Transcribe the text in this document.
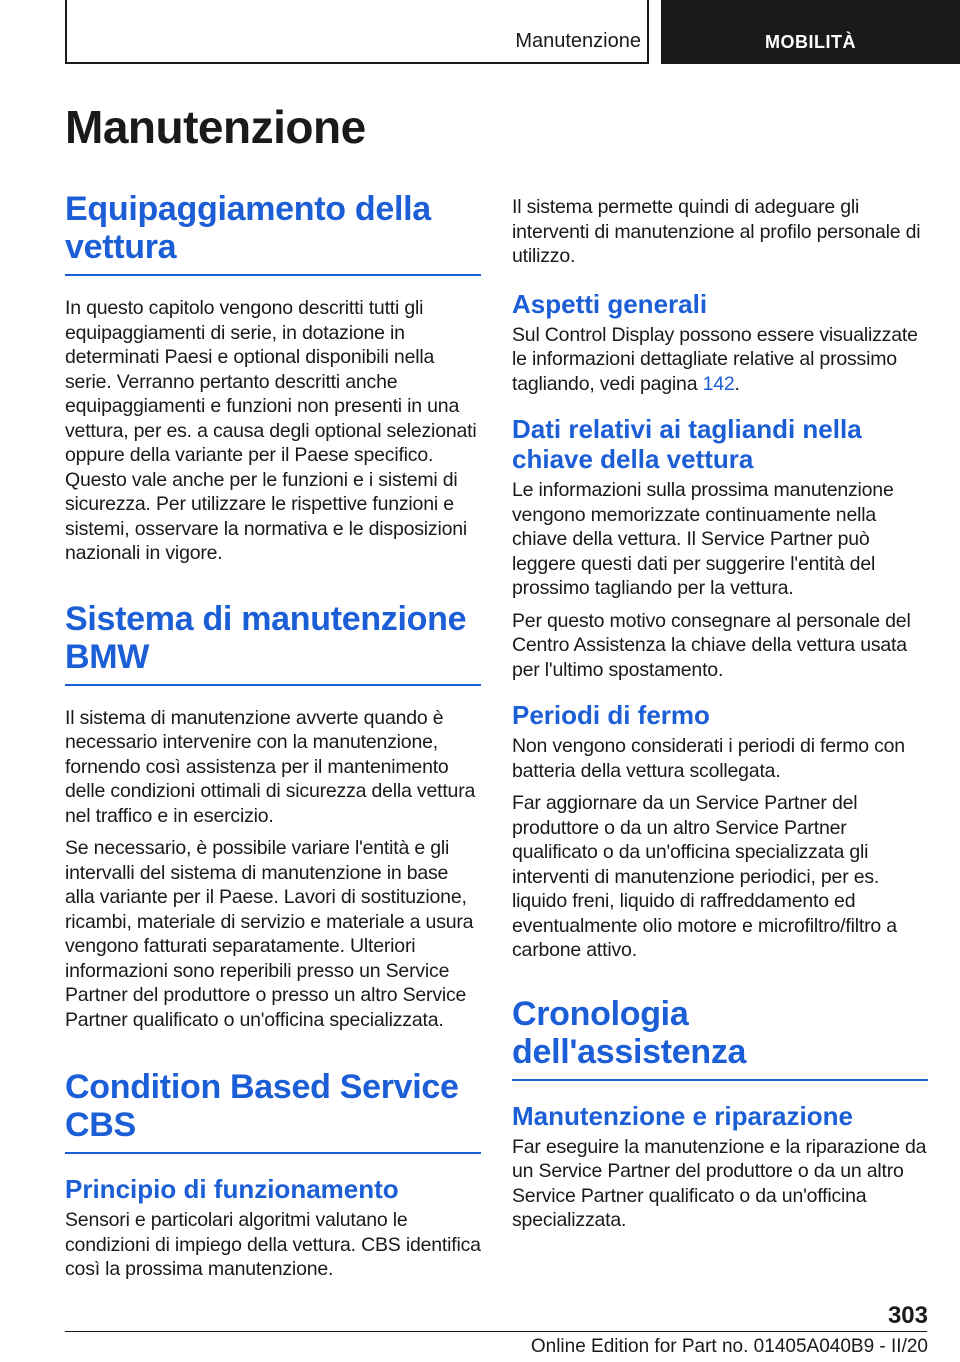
Manutenzione	MOBILITÀ
Manutenzione
Equipaggiamento della vettura

In questo capitolo vengono descritti tutti gli equipaggiamenti di serie, in dotazione in determinati Paesi e optional disponibili nella serie. Verranno pertanto descritti anche equipaggiamenti e funzioni non presenti in una vettura, per es. a causa degli optional selezionati oppure della variante per il Paese specifico. Questo vale anche per le funzioni e i sistemi di sicurezza. Per utilizzare le rispettive funzioni e sistemi, osservare la normativa e le disposizioni nazionali in vigore.

Sistema di manutenzione BMW

Il sistema di manutenzione avverte quando è necessario intervenire con la manutenzione, fornendo così assistenza per il mantenimento delle condizioni ottimali di sicurezza della vettura nel traffico e in esercizio.

Se necessario, è possibile variare l'entità e gli intervalli del sistema di manutenzione in base alla variante per il Paese. Lavori di sostituzione, ricambi, materiale di servizio e materiale a usura vengono fatturati separatamente. Ulteriori informazioni sono reperibili presso un Service Partner del produttore o presso un altro Service Partner qualificato o un'officina specializzata.

Condition Based Service CBS
Principio di funzionamento

Sensori e particolari algoritmi valutano le condizioni di impiego della vettura. CBS identifica così la prossima manutenzione.

Il sistema permette quindi di adeguare gli interventi di manutenzione al profilo personale di utilizzo.

Aspetti generali

Sul Control Display possono essere visualizzate le informazioni dettagliate relative al prossimo tagliando, vedi pagina 142.

Dati relativi ai tagliandi nella chiave della vettura

Le informazioni sulla prossima manutenzione vengono memorizzate continuamente nella chiave della vettura. Il Service Partner può leggere questi dati per suggerire l'entità del prossimo tagliando per la vettura.

Per questo motivo consegnare al personale del Centro Assistenza la chiave della vettura usata per l'ultimo spostamento.

Periodi di fermo

Non vengono considerati i periodi di fermo con batteria della vettura scollegata.

Far aggiornare da un Service Partner del produttore o da un altro Service Partner qualificato o da un'officina specializzata gli interventi di manutenzione periodici, per es. liquido freni, liquido di raffreddamento ed eventualmente olio motore e microfiltro/filtro a carbone attivo.

Cronologia dell'assistenza
Manutenzione e riparazione

Far eseguire la manutenzione e la riparazione da un Service Partner del produttore o da un altro Service Partner qualificato o da un'officina specializzata.

303
Online Edition for Part no. 01405A040B9 - II/20
